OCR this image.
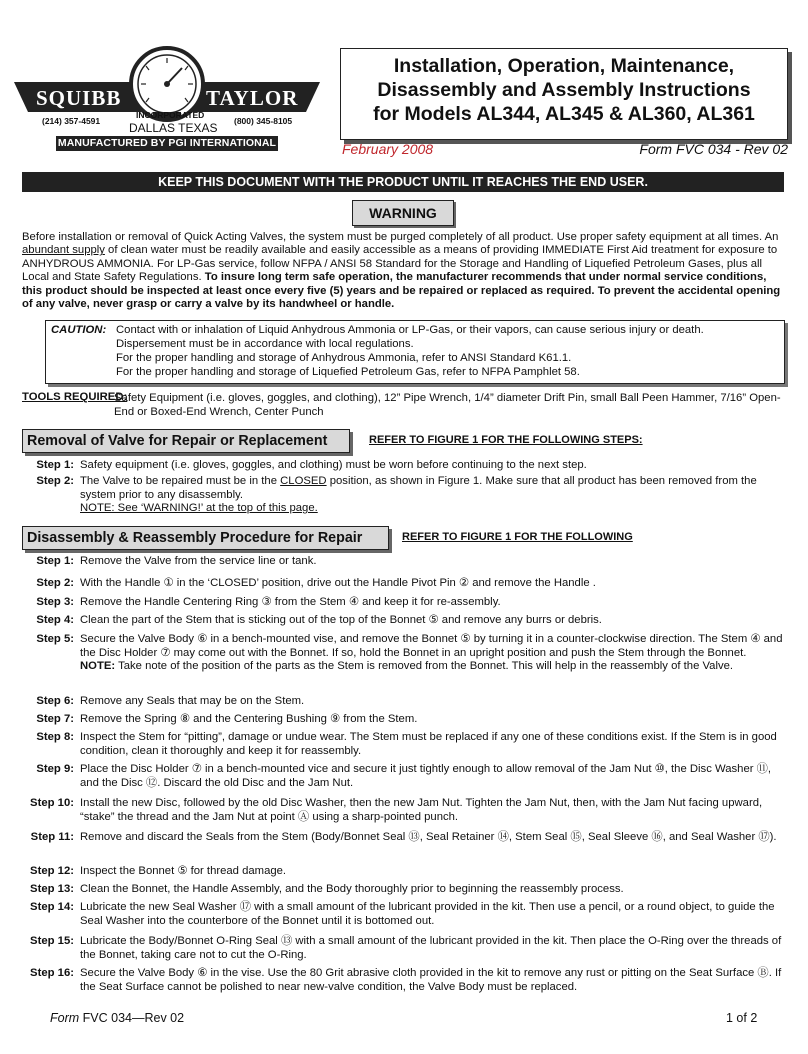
SQUIBB	TAYLOR
INCORPORATED
(214) 357-4591	(800) 345-8105
DALLAS TEXAS
MANUFACTURED BY PGI INTERNATIONAL
Installation, Operation, Maintenance,
Disassembly and Assembly Instructions
for Models AL344, AL345 & AL360, AL361
February 2008	Form FVC 034 - Rev 02
KEEP THIS DOCUMENT WITH THE PRODUCT UNTIL IT REACHES THE END USER.
WARNING
Before installation or removal of Quick Acting Valves, the system must be purged completely of all product. Use proper safety equipment at all times. An abundant supply of clean water must be readily available and easily accessible as a means of providing IMMEDIATE First Aid treatment for exposure to ANHYDROUS AMMONIA. For LP-Gas service, follow NFPA / ANSI 58 Standard for the Storage and Handling of Liquefied Petroleum Gases, plus all Local and State Safety Regulations. To insure long term safe operation, the manufacturer recommends that under normal service conditions, this product should be inspected at least once every five (5) years and be repaired or replaced as required. To prevent the accidental opening of any valve, never grasp or carry a valve by its handwheel or handle.
CAUTION: Contact with or inhalation of Liquid Anhydrous Ammonia or LP-Gas, or their vapors, can cause serious injury or death.
Dispersement must be in accordance with local regulations.
For the proper handling and storage of Anhydrous Ammonia, refer to ANSI Standard K61.1.
For the proper handling and storage of Liquefied Petroleum Gas, refer to NFPA Pamphlet 58.
TOOLS REQUIRED:
Safety Equipment (i.e. gloves, goggles, and clothing), 12” Pipe Wrench, 1/4” diameter Drift Pin, small Ball Peen Hammer, 7/16” Open-End or Boxed-End Wrench, Center Punch
Removal of Valve for Repair or Replacement	REFER TO FIGURE 1 FOR THE FOLLOWING STEPS:
Step 1: Safety equipment (i.e. gloves, goggles, and clothing) must be worn before continuing to the next step.
Step 2: The Valve to be repaired must be in the CLOSED position, as shown in Figure 1. Make sure that all product has been removed from the system prior to any disassembly.
NOTE: See ‘WARNING!’ at the top of this page.
Disassembly & Reassembly Procedure for Repair	REFER TO FIGURE 1 FOR THE FOLLOWING
Step 1: Remove the Valve from the service line or tank.
Step 2: With the Handle ① in the ‘CLOSED’ position, drive out the Handle Pivot Pin ② and remove the Handle .
Step 3: Remove the Handle Centering Ring ③ from the Stem ④ and keep it for re-assembly.
Step 4: Clean the part of the Stem that is sticking out of the top of the Bonnet ⑤ and remove any burrs or debris.
Step 5: Secure the Valve Body ⑥ in a bench-mounted vise, and remove the Bonnet ⑤ by turning it in a counter-clockwise direction. The Stem ④ and the Disc Holder ⑦ may come out with the Bonnet. If so, hold the Bonnet in an upright position and push the Stem through the Bonnet.
NOTE: Take note of the position of the parts as the Stem is removed from the Bonnet. This will help in the reassembly of the Valve.
Step 6: Remove any Seals that may be on the Stem.
Step 7: Remove the Spring ⑧ and the Centering Bushing ⑨ from the Stem.
Step 8: Inspect the Stem for “pitting”, damage or undue wear. The Stem must be replaced if any one of these conditions exist. If the Stem is in good condition, clean it thoroughly and keep it for reassembly.
Step 9: Place the Disc Holder ⑦ in a bench-mounted vice and secure it just tightly enough to allow removal of the Jam Nut ⑩, the Disc Washer ⑪, and the Disc ⑫. Discard the old Disc and the Jam Nut.
Step 10: Install the new Disc, followed by the old Disc Washer, then the new Jam Nut. Tighten the Jam Nut, then, with the Jam Nut facing upward, “stake” the thread and the Jam Nut at point Ⓐ using a sharp-pointed punch.
Step 11: Remove and discard the Seals from the Stem (Body/Bonnet Seal ⑬, Seal Retainer ⑭, Stem Seal ⑮, Seal Sleeve ⑯, and Seal Washer ⑰).
Step 12: Inspect the Bonnet ⑤ for thread damage.
Step 13: Clean the Bonnet, the Handle Assembly, and the Body thoroughly prior to beginning the reassembly process.
Step 14: Lubricate the new Seal Washer ⑰ with a small amount of the lubricant provided in the kit. Then use a pencil, or a round object, to guide the Seal Washer into the counterbore of the Bonnet until it is bottomed out.
Step 15: Lubricate the Body/Bonnet O-Ring Seal ⑬ with a small amount of the lubricant provided in the kit. Then place the O-Ring over the threads of the Bonnet, taking care not to cut the O-Ring.
Step 16: Secure the Valve Body ⑥ in the vise. Use the 80 Grit abrasive cloth provided in the kit to remove any rust or pitting on the Seat Surface Ⓑ. If the Seat Surface cannot be polished to near new-valve condition, the Valve Body must be replaced.
Form FVC 034—Rev 02	1 of 2
